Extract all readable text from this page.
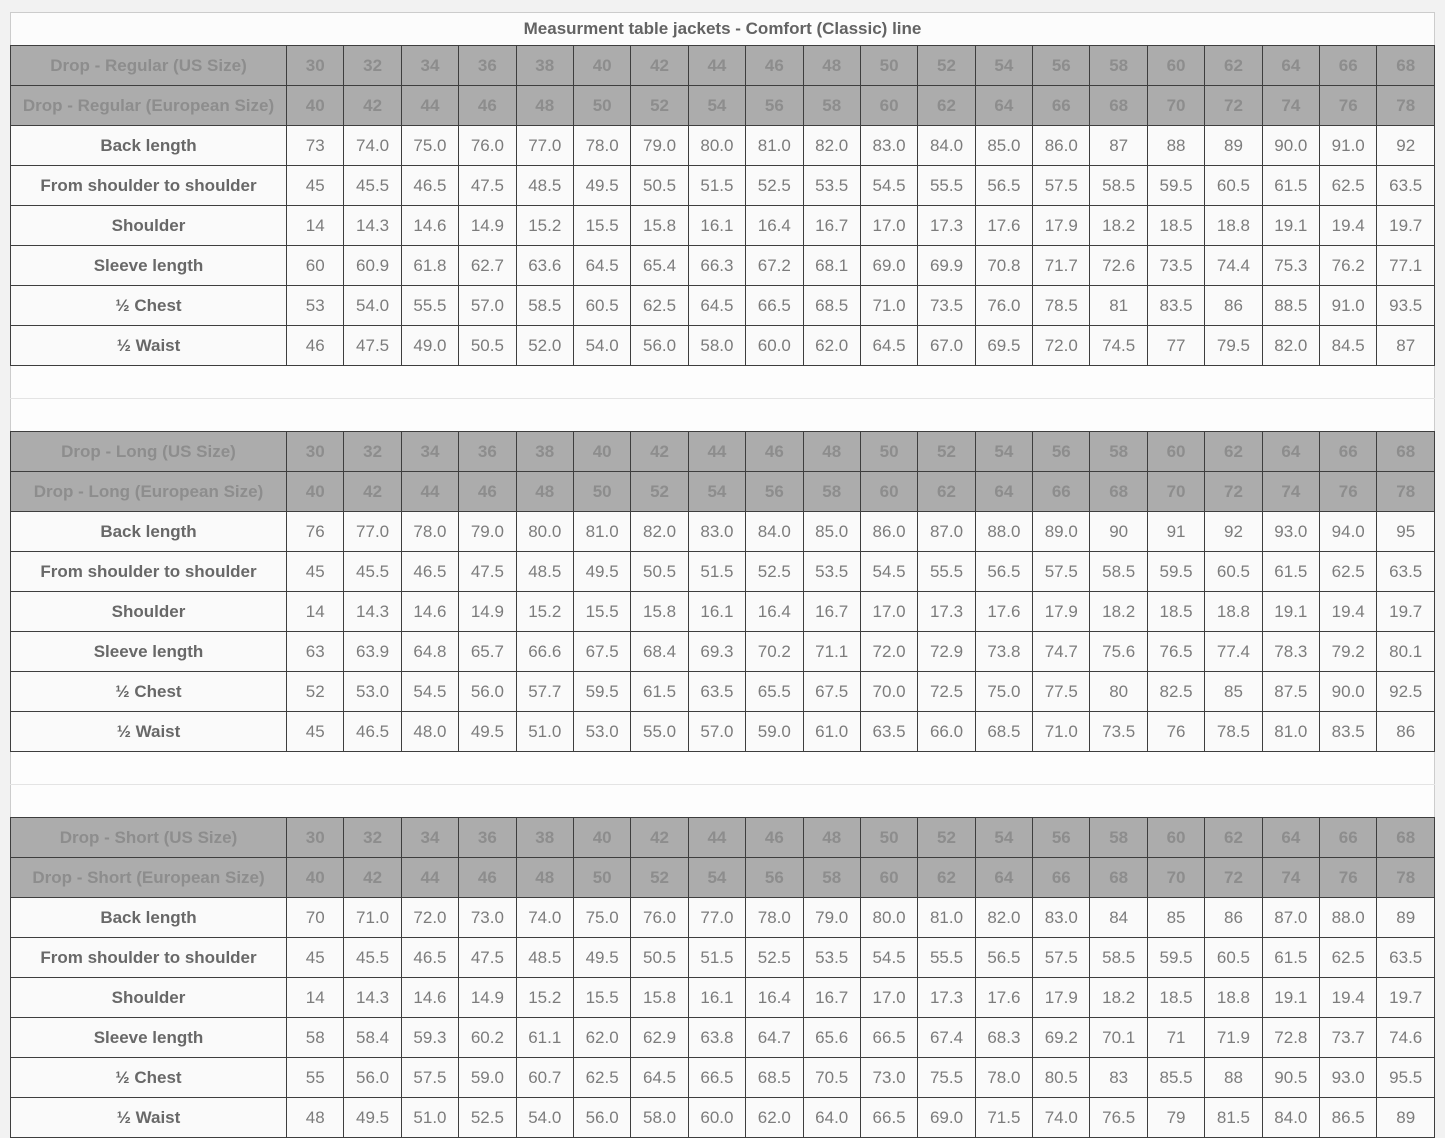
Measurment table jackets - Comfort (Classic) line																				
Drop - Regular (US Size)	30	32	34	36	38	40	42	44	46	48	50	52	54	56	58	60	62	64	66	68
Drop - Regular (European Size)	40	42	44	46	48	50	52	54	56	58	60	62	64	66	68	70	72	74	76	78
Back length	73	74.0	75.0	76.0	77.0	78.0	79.0	80.0	81.0	82.0	83.0	84.0	85.0	86.0	87	88	89	90.0	91.0	92
From shoulder to shoulder	45	45.5	46.5	47.5	48.5	49.5	50.5	51.5	52.5	53.5	54.5	55.5	56.5	57.5	58.5	59.5	60.5	61.5	62.5	63.5
Shoulder	14	14.3	14.6	14.9	15.2	15.5	15.8	16.1	16.4	16.7	17.0	17.3	17.6	17.9	18.2	18.5	18.8	19.1	19.4	19.7
Sleeve length	60	60.9	61.8	62.7	63.6	64.5	65.4	66.3	67.2	68.1	69.0	69.9	70.8	71.7	72.6	73.5	74.4	75.3	76.2	77.1
½ Chest	53	54.0	55.5	57.0	58.5	60.5	62.5	64.5	66.5	68.5	71.0	73.5	76.0	78.5	81	83.5	86	88.5	91.0	93.5
½ Waist	46	47.5	49.0	50.5	52.0	54.0	56.0	58.0	60.0	62.0	64.5	67.0	69.5	72.0	74.5	77	79.5	82.0	84.5	87

Drop - Long (US Size)	30	32	34	36	38	40	42	44	46	48	50	52	54	56	58	60	62	64	66	68
Drop - Long (European Size)	40	42	44	46	48	50	52	54	56	58	60	62	64	66	68	70	72	74	76	78
Back length	76	77.0	78.0	79.0	80.0	81.0	82.0	83.0	84.0	85.0	86.0	87.0	88.0	89.0	90	91	92	93.0	94.0	95
From shoulder to shoulder	45	45.5	46.5	47.5	48.5	49.5	50.5	51.5	52.5	53.5	54.5	55.5	56.5	57.5	58.5	59.5	60.5	61.5	62.5	63.5
Shoulder	14	14.3	14.6	14.9	15.2	15.5	15.8	16.1	16.4	16.7	17.0	17.3	17.6	17.9	18.2	18.5	18.8	19.1	19.4	19.7
Sleeve length	63	63.9	64.8	65.7	66.6	67.5	68.4	69.3	70.2	71.1	72.0	72.9	73.8	74.7	75.6	76.5	77.4	78.3	79.2	80.1
½ Chest	52	53.0	54.5	56.0	57.7	59.5	61.5	63.5	65.5	67.5	70.0	72.5	75.0	77.5	80	82.5	85	87.5	90.0	92.5
½ Waist	45	46.5	48.0	49.5	51.0	53.0	55.0	57.0	59.0	61.0	63.5	66.0	68.5	71.0	73.5	76	78.5	81.0	83.5	86

Drop - Short (US Size)	30	32	34	36	38	40	42	44	46	48	50	52	54	56	58	60	62	64	66	68
Drop - Short (European Size)	40	42	44	46	48	50	52	54	56	58	60	62	64	66	68	70	72	74	76	78
Back length	70	71.0	72.0	73.0	74.0	75.0	76.0	77.0	78.0	79.0	80.0	81.0	82.0	83.0	84	85	86	87.0	88.0	89
From shoulder to shoulder	45	45.5	46.5	47.5	48.5	49.5	50.5	51.5	52.5	53.5	54.5	55.5	56.5	57.5	58.5	59.5	60.5	61.5	62.5	63.5
Shoulder	14	14.3	14.6	14.9	15.2	15.5	15.8	16.1	16.4	16.7	17.0	17.3	17.6	17.9	18.2	18.5	18.8	19.1	19.4	19.7
Sleeve length	58	58.4	59.3	60.2	61.1	62.0	62.9	63.8	64.7	65.6	66.5	67.4	68.3	69.2	70.1	71	71.9	72.8	73.7	74.6
½ Chest	55	56.0	57.5	59.0	60.7	62.5	64.5	66.5	68.5	70.5	73.0	75.5	78.0	80.5	83	85.5	88	90.5	93.0	95.5
½ Waist	48	49.5	51.0	52.5	54.0	56.0	58.0	60.0	62.0	64.0	66.5	69.0	71.5	74.0	76.5	79	81.5	84.0	86.5	89
